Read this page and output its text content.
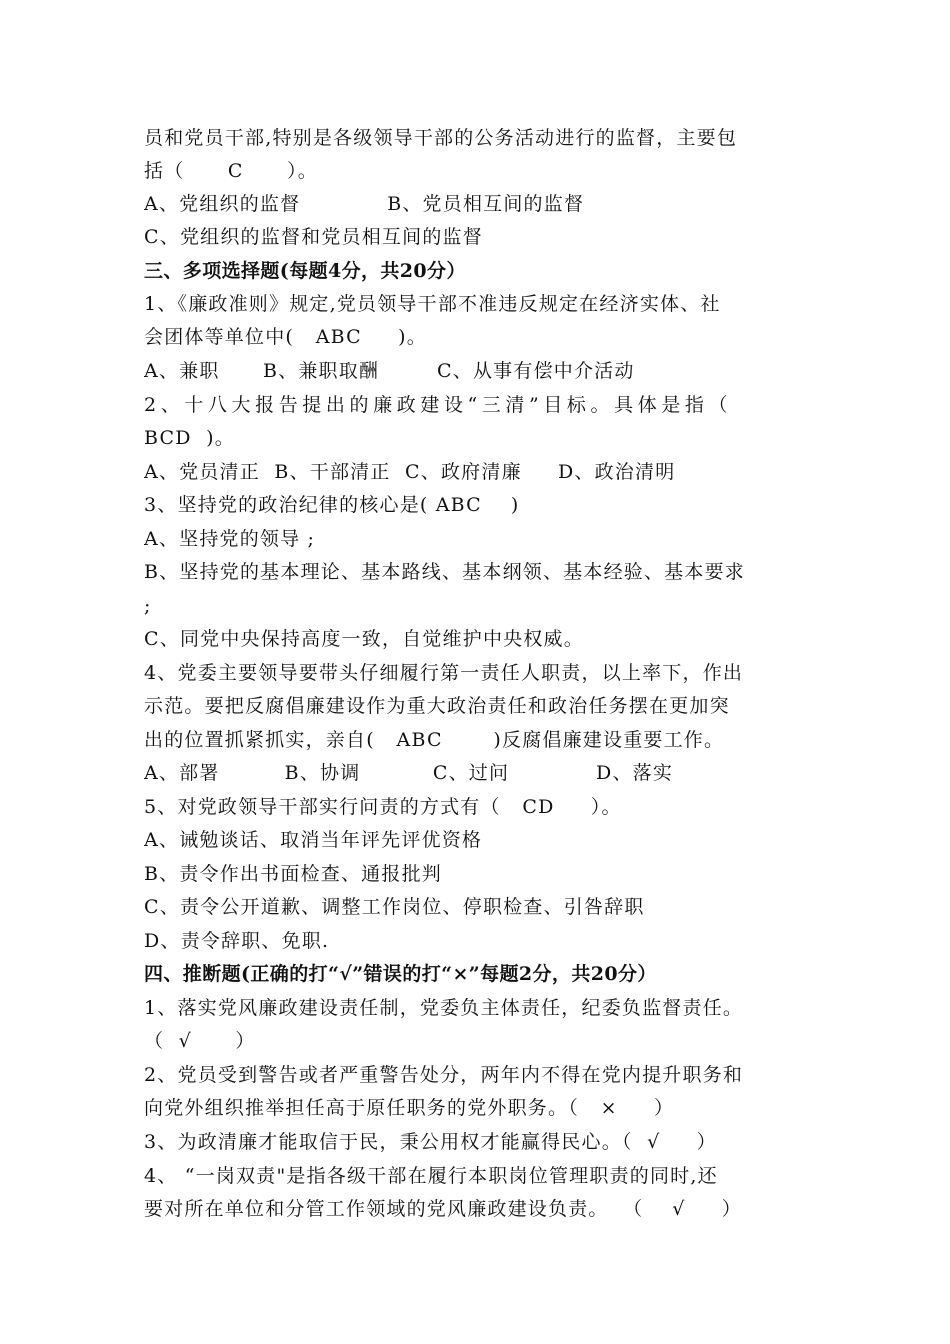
员和党员干部,特别是各级领导干部的公务活动进行的监督，主要包
括（      C      ）。
A、党组织的监督            B、党员相互间的监督
C、党组织的监督和党员相互间的监督
三、多项选择题(每题4分，共20分）
1、《廉政准则》规定,党员领导干部不准违反规定在经济实体、社
会团体等单位中(   ABC     )。
A、兼职      B、兼职取酬        C、从事有偿中介活动
2、十八大报告提出的廉政建设“三清”目标。具体是指（
BCD  )。
A、党员清正  B、干部清正  C、政府清廉     D、政治清明
3、坚持党的政治纪律的核心是( ABC    )
A、坚持党的领导 ;
B、坚持党的基本理论、基本路线、基本纲领、基本经验、基本要求
;
C、同党中央保持高度一致，自觉维护中央权威。
4、党委主要领导要带头仔细履行第一责任人职责，以上率下，作出
示范。要把反腐倡廉建设作为重大政治责任和政治任务摆在更加突
出的位置抓紧抓实，亲自(   ABC       )反腐倡廉建设重要工作。
A、部署         B、协调          C、过问            D、落实
5、对党政领导干部实行问责的方式有（   CD     ）。
A、诫勉谈话、取消当年评先评优资格
B、责令作出书面检查、通报批判
C、责令公开道歉、调整工作岗位、停职检查、引咎辞职
D、责令辞职、免职.
四、推断题(正确的打“√”错误的打“×”每题2分，共20分）
1、落实党风廉政建设责任制，党委负主体责任，纪委负监督责任。
（  √      ）
2、党员受到警告或者严重警告处分，两年内不得在党内提升职务和
向党外组织推举担任高于原任职务的党外职务。（   ×     ）
3、为政清廉才能取信于民，秉公用权才能赢得民心。（  √     ）
4、 “一岗双责"是指各级干部在履行本职岗位管理职责的同时,还
要对所在单位和分管工作领域的党风廉政建设负责。  （    √     ）
